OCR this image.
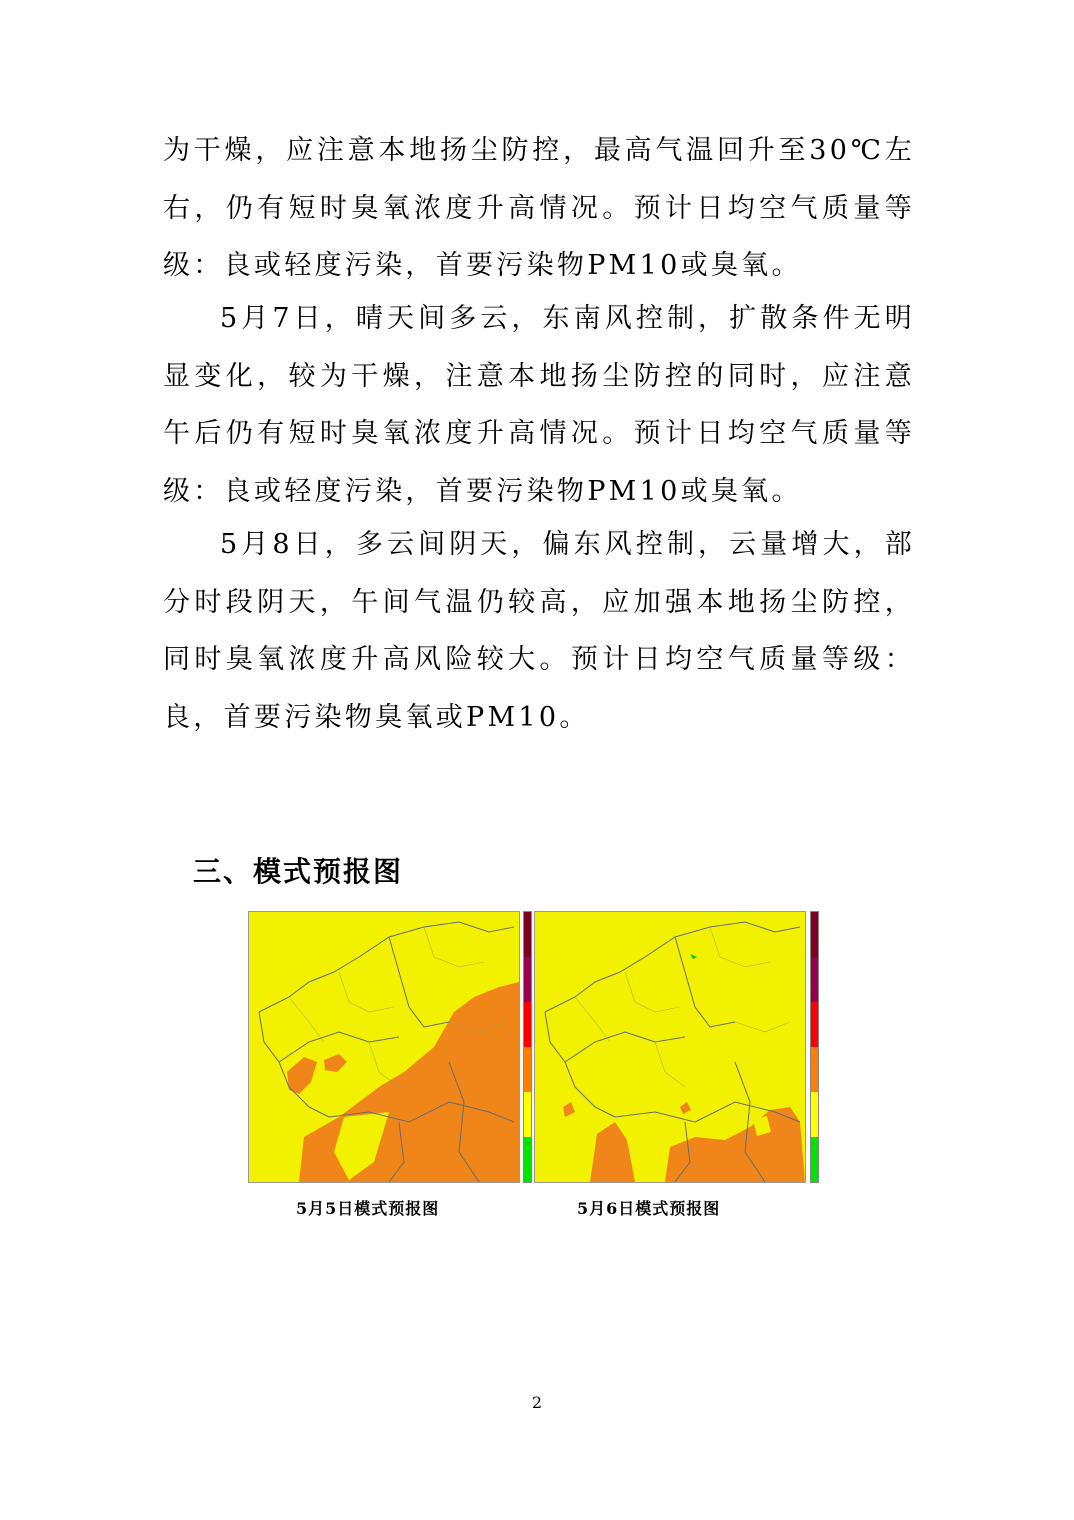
为干燥，应注意本地扬尘防控，最高气温回升至30℃左右，仍有短时臭氧浓度升高情况。预计日均空气质量等级：良或轻度污染，首要污染物PM10或臭氧。
5月7日，晴天间多云，东南风控制，扩散条件无明显变化，较为干燥，注意本地扬尘防控的同时，应注意午后仍有短时臭氧浓度升高情况。预计日均空气质量等级：良或轻度污染，首要污染物PM10或臭氧。
5月8日，多云间阴天，偏东风控制，云量增大，部分时段阴天，午间气温仍较高，应加强本地扬尘防控，同时臭氧浓度升高风险较大。预计日均空气质量等级：良，首要污染物臭氧或PM10。
三、模式预报图
5月5日模式预报图	5月6日模式预报图
2
